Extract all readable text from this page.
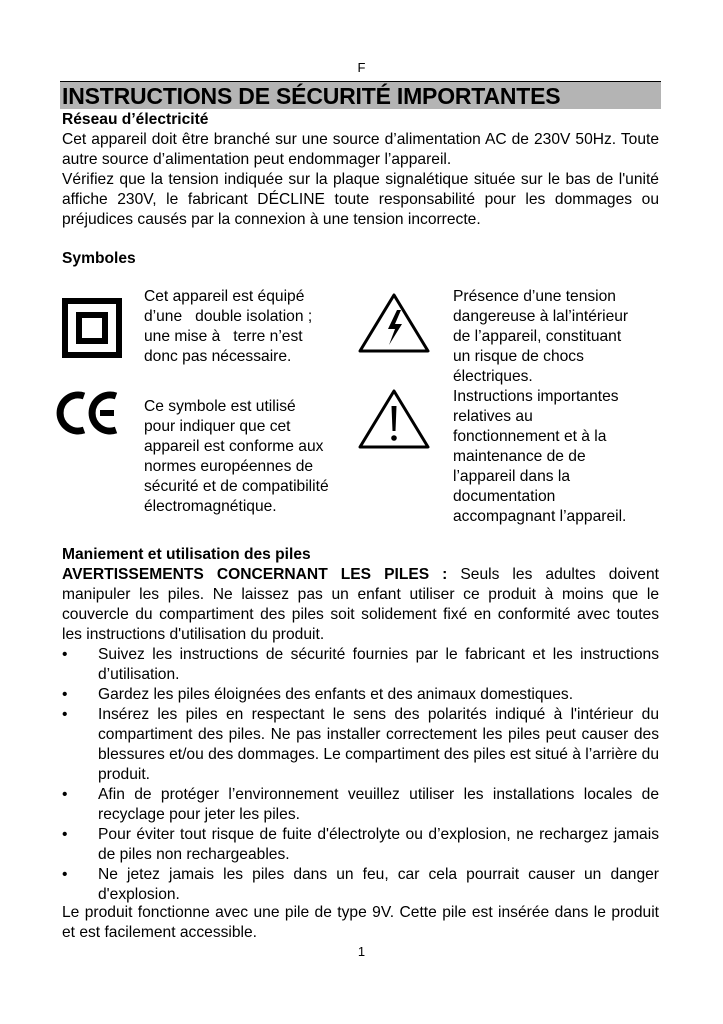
F
INSTRUCTIONS DE SÉCURITÉ IMPORTANTES

Réseau d’électricité

Cet appareil doit être branché sur une source d’alimentation AC de 230V 50Hz. Toute autre source d’alimentation peut endommager l’appareil.

Vérifiez que la tension indiquée sur la plaque signalétique située sur le bas de l'unité affiche 230V, le fabricant DÉCLINE toute responsabilité pour les dommages ou préjudices causés par la connexion à une tension incorrecte.

Symboles
Cet appareil est équipé
d’une   double isolation ;
une mise à   terre n’est
donc pas nécessaire.
Ce symbole est utilisé
pour indiquer que cet
appareil est conforme aux
normes européennes de
sécurité et de compatibilité
électromagnétique.
Présence d’une tension
dangereuse à lal’intérieur
de l’appareil, constituant
un risque de chocs
électriques.
Instructions importantes
relatives au
fonctionnement et à la
maintenance de de
l’appareil dans la
documentation
accompagnant l’appareil.

Maniement et utilisation des piles

AVERTISSEMENTS CONCERNANT LES PILES : Seuls les adultes doivent manipuler les piles. Ne laissez pas un enfant utiliser ce produit à moins que le couvercle du compartiment des piles soit solidement fixé en conformité avec toutes les instructions d'utilisation du produit.

• Suivez les instructions de sécurité fournies par le fabricant et les instructions d’utilisation.
• Gardez les piles éloignées des enfants et des animaux domestiques.
• Insérez les piles en respectant le sens des polarités indiqué à l'intérieur du compartiment des piles. Ne pas installer correctement les piles peut causer des blessures et/ou des dommages. Le compartiment des piles est situé à l’arrière du produit.
• Afin de protéger l’environnement veuillez utiliser les installations locales de recyclage pour jeter les piles.
• Pour éviter tout risque de fuite d'électrolyte ou d’explosion, ne rechargez jamais de piles non rechargeables.
• Ne jetez jamais les piles dans un feu, car cela pourrait causer un danger d'explosion.
Le produit fonctionne avec une pile de type 9V. Cette pile est insérée dans le produit et est facilement accessible.
1
